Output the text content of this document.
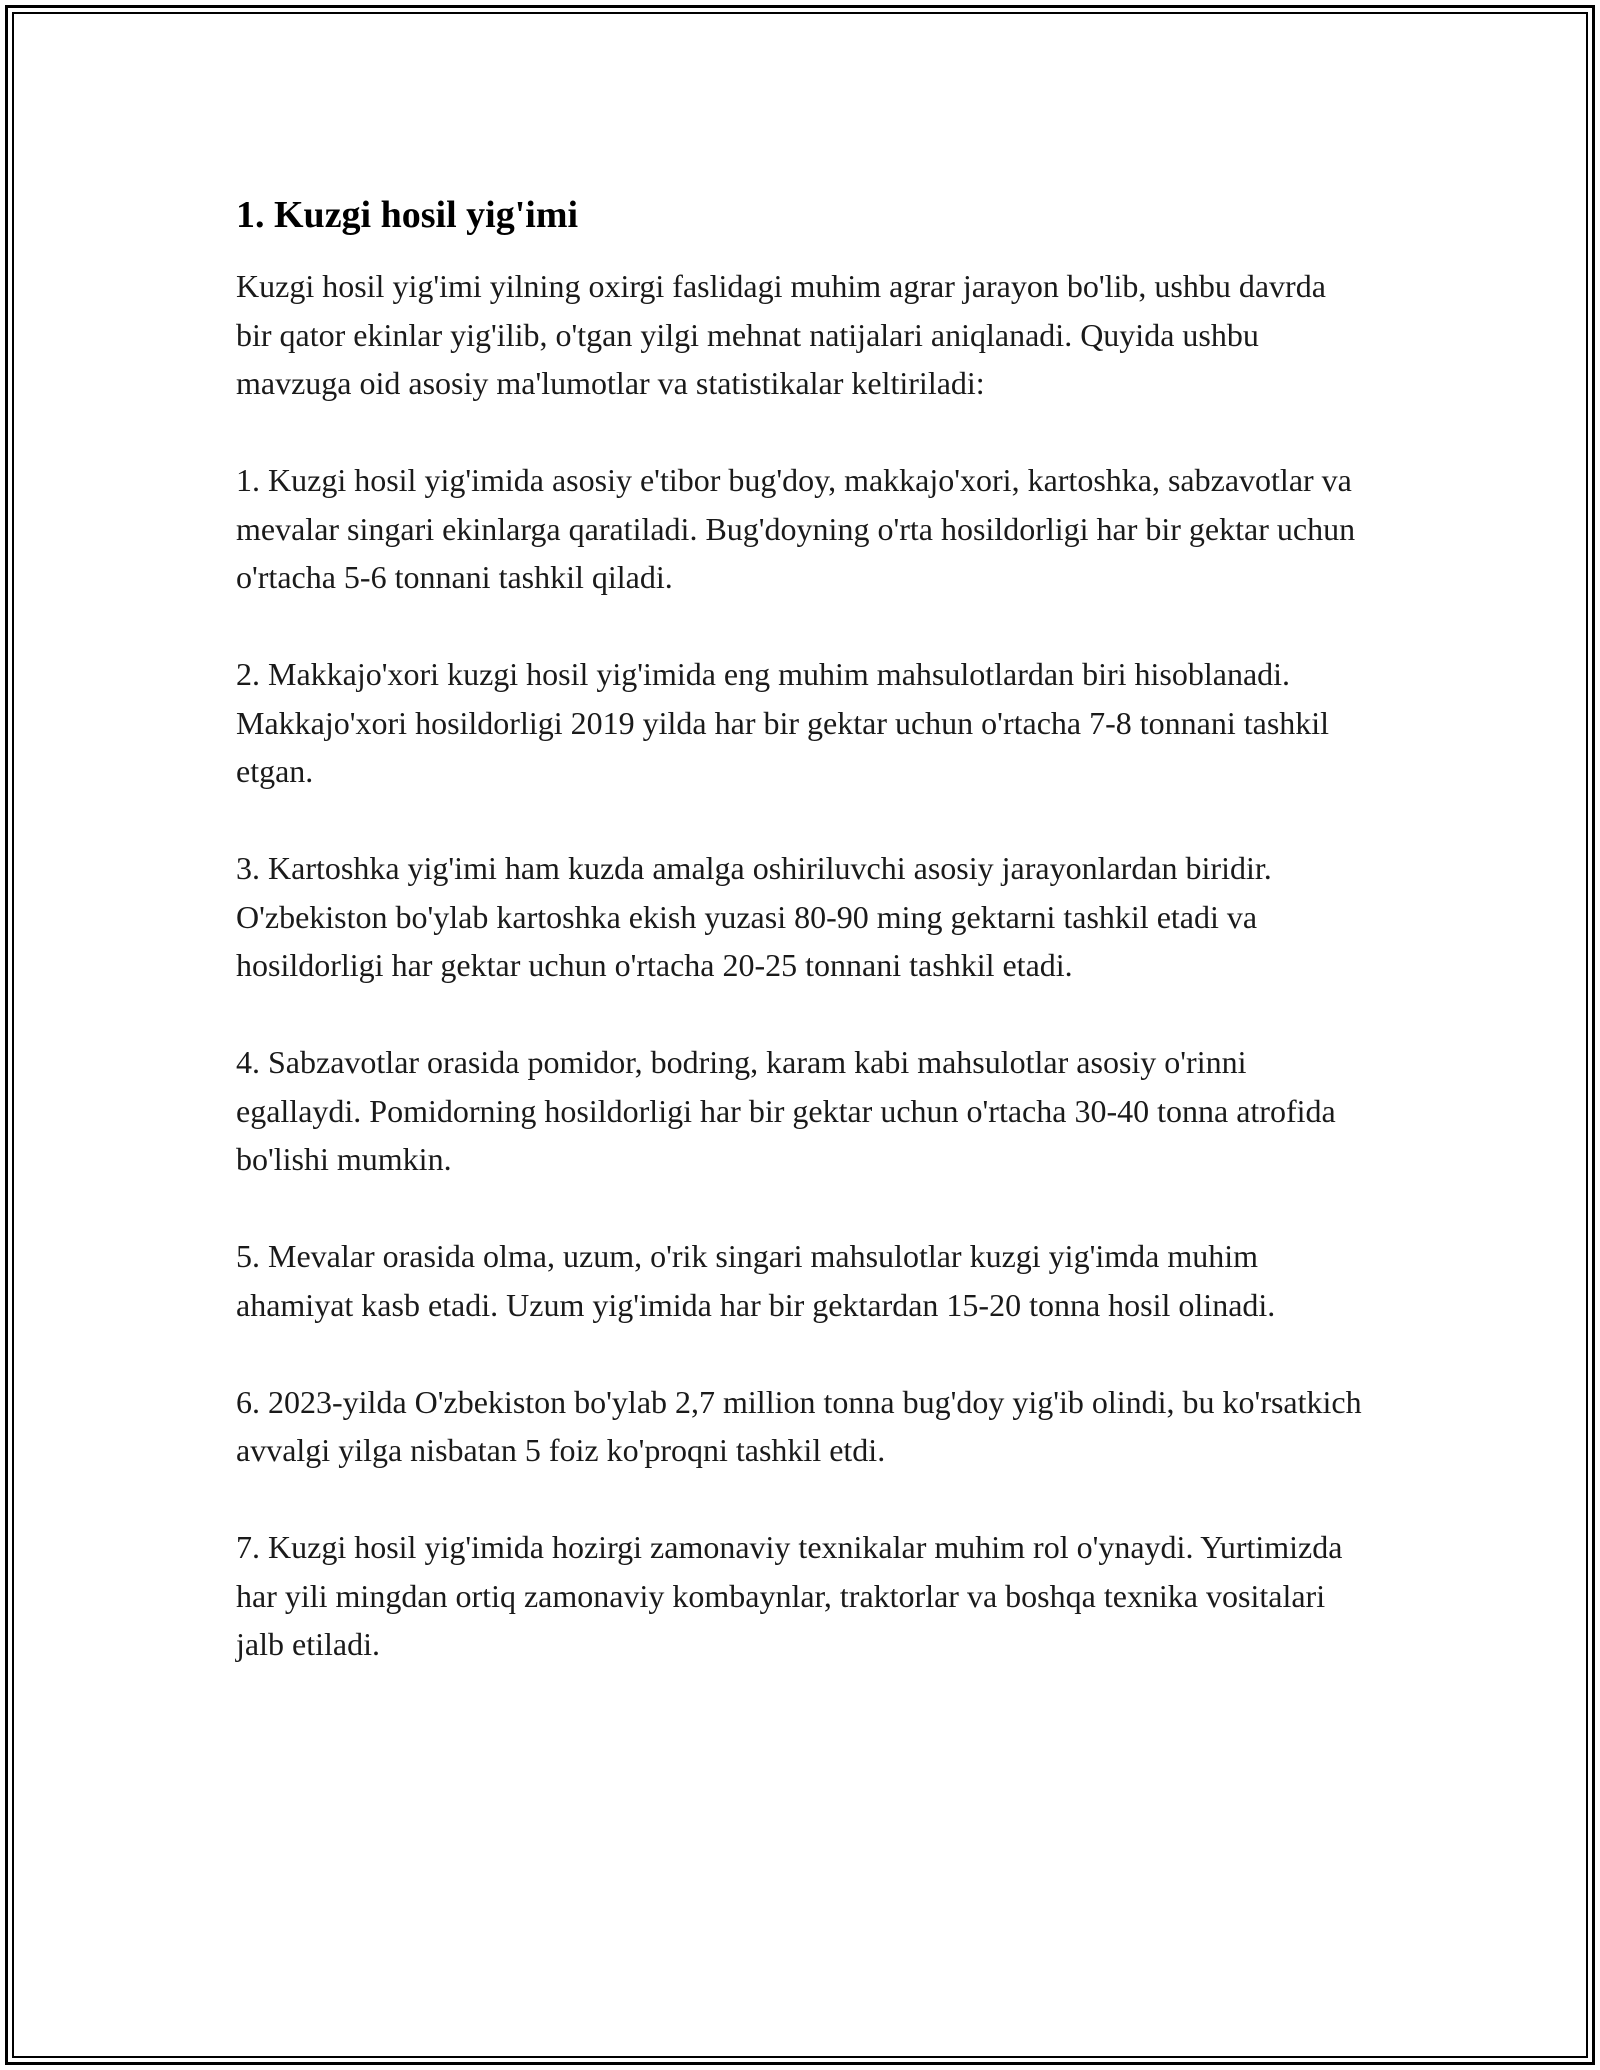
1. Kuzgi hosil yig'imi

Kuzgi hosil yig'imi yilning oxirgi faslidagi muhim agrar jarayon bo'lib, ushbu davrda bir qator ekinlar yig'ilib, o'tgan yilgi mehnat natijalari aniqlanadi. Quyida ushbu mavzuga oid asosiy ma'lumotlar va statistikalar keltiriladi:

1. Kuzgi hosil yig'imida asosiy e'tibor bug'doy, makkajo'xori, kartoshka, sabzavotlar va mevalar singari ekinlarga qaratiladi. Bug'doyning o'rta hosildorligi har bir gektar uchun o'rtacha 5-6 tonnani tashkil qiladi.

2. Makkajo'xori kuzgi hosil yig'imida eng muhim mahsulotlardan biri hisoblanadi. Makkajo'xori hosildorligi 2019 yilda har bir gektar uchun o'rtacha 7-8 tonnani tashkil etgan.

3. Kartoshka yig'imi ham kuzda amalga oshiriluvchi asosiy jarayonlardan biridir. O'zbekiston bo'ylab kartoshka ekish yuzasi 80-90 ming gektarni tashkil etadi va hosildorligi har gektar uchun o'rtacha 20-25 tonnani tashkil etadi.

4. Sabzavotlar orasida pomidor, bodring, karam kabi mahsulotlar asosiy o'rinni egallaydi. Pomidorning hosildorligi har bir gektar uchun o'rtacha 30-40 tonna atrofida bo'lishi mumkin.

5. Mevalar orasida olma, uzum, o'rik singari mahsulotlar kuzgi yig'imda muhim ahamiyat kasb etadi. Uzum yig'imida har bir gektardan 15-20 tonna hosil olinadi.

6. 2023-yilda O'zbekiston bo'ylab 2,7 million tonna bug'doy yig'ib olindi, bu ko'rsatkich avvalgi yilga nisbatan 5 foiz ko'proqni tashkil etdi.

7. Kuzgi hosil yig'imida hozirgi zamonaviy texnikalar muhim rol o'ynaydi. Yurtimizda har yili mingdan ortiq zamonaviy kombaynlar, traktorlar va boshqa texnika vositalari jalb etiladi.
